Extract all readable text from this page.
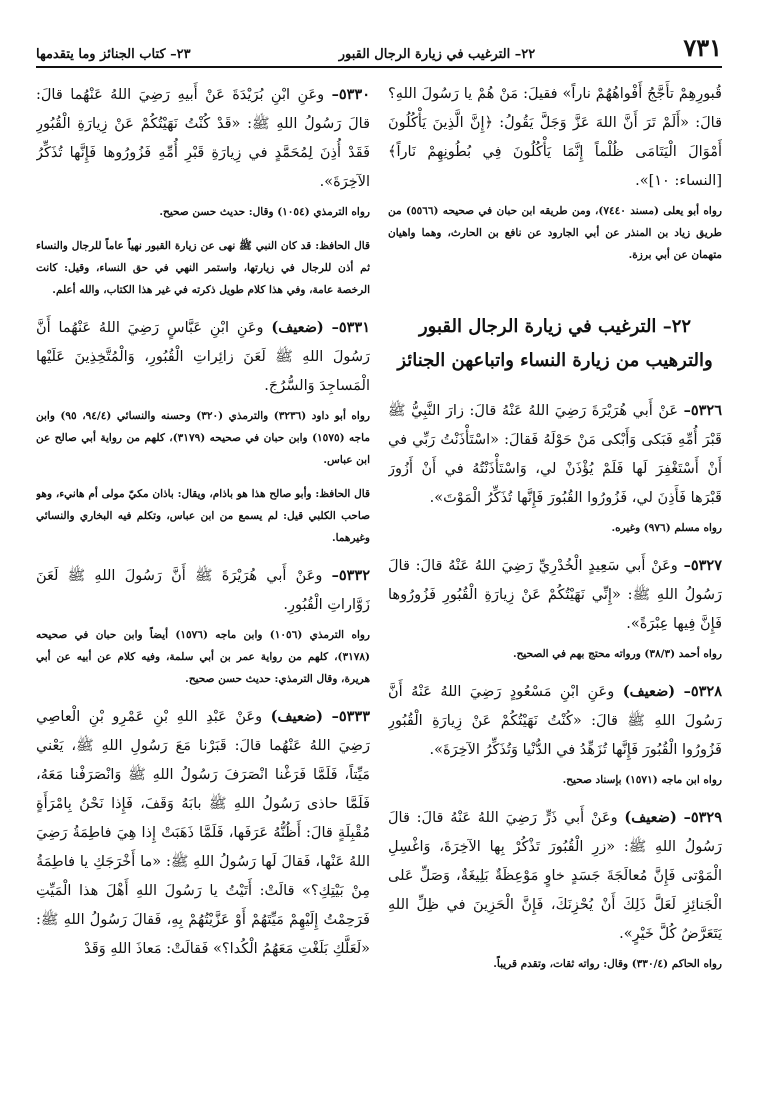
٧٣١
٢٢– الترغيب في زيارة الرجال القبور
٢٣– كتاب الجنائز وما يتقدمها

قُبورِهِمْ تأَجَّجُ أَفْواهُهُمْ ناراً» فقيلَ: مَنْ هُمْ يا رَسُولَ اللهِ؟ قالَ: «أَلَمْ تَرَ أَنَّ اللهَ عَزَّ وَجَلَّ يَقُولُ: ﴿إِنَّ الَّذِينَ يَأْكُلُونَ أَمْوَالَ الْيَتَامَى ظُلْماً إِنَّمَا يَأْكُلُونَ فِي بُطُونِهِمْ نَاراً﴾ [النساء: ١٠]».

رواه أبو يعلى (مسند ٧٤٤٠)، ومن طريقه ابن حبان في صحيحه (٥٥٦٦) من طريق زياد بن المنذر عن أبي الجارود عن نافع بن الحارث، وهما واهيان متهمان عن أبي برزة.

٢٢– الترغيب في زيارة الرجال القبور
والترهيب من زيارة النساء واتباعهن الجنائز

٥٣٢٦– عَنْ أَبي هُرَيْرَةَ رَضِيَ اللهُ عَنْهُ قالَ: زارَ النَّبِيُّ ﷺ قَبْرَ أُمِّهِ فَبَكى وَأَبْكى مَنْ حَوْلَهُ فَقالَ: «اسْتَأْذَنْتُ رَبِّي في أَنْ أَسْتَغْفِرَ لَها فَلَمْ يُؤْذَنْ لي، وَاسْتَأْذَنْتُهُ في أَنْ أَزُورَ قَبْرَها فَأَذِنَ لي، فَزُورُوا القُبُورَ فَإِنَّها تُذَكِّرُ الْمَوْتَ».

رواه مسلم (٩٧٦) وغيره.

٥٣٢٧– وعَنْ أَبي سَعِيدٍ الْخُدْرِيِّ رَضِيَ اللهُ عَنْهُ قالَ: قالَ رَسُولُ اللهِ ﷺ: «إِنِّي نَهَيْتُكُمْ عَنْ زِيارَةِ الْقُبُورِ فَزُورُوها فَإِنَّ فِيها عِبْرَةً».

رواه أحمد (٣٨/٣) ورواته محتج بهم في الصحيح.

٥٣٢٨– (ضعيف) وعَنِ ابْنِ مَسْعُودٍ رَضِيَ اللهُ عَنْهُ أَنَّ رَسُولَ اللهِ ﷺ قالَ: «كُنْتُ نَهَيْتُكُمْ عَنْ زِيارَةِ الْقُبُورِ فَزُورُوا الْقُبُورَ فَإِنَّها تُزَهِّدُ في الدُّنْيا وَتُذَكِّرُ الآخِرَةَ».

رواه ابن ماجه (١٥٧١) بإسناد صحيح.

٥٣٢٩– (ضعيف) وعَنْ أَبي ذَرٍّ رَضِيَ اللهُ عَنْهُ قالَ: قالَ رَسُولُ اللهِ ﷺ: «زرِ الْقُبُورَ تَذْكُرْ بِها الآخِرَةَ، وَاغْسِلِ الْمَوْتى فَإِنَّ مُعالَجَةَ جَسَدٍ خاوٍ مَوْعِظَةٌ بَلِيغَةٌ، وَصَلِّ عَلى الْجَنائِزِ لَعَلَّ ذَلِكَ أَنْ يُحْزِنَكَ، فَإِنَّ الْحَزِينَ في ظِلِّ اللهِ يَتَعَرَّضُ كُلَّ خَيْرٍ».

رواه الحاكم (٣٣٠/٤) وقال: رواته ثقات، وتقدم قريباً.

٥٣٣٠– وعَنِ ابْنِ بُرَيْدَةَ عَنْ أَبيهِ رَضِيَ اللهُ عَنْهُما قالَ: قالَ رَسُولُ اللهِ ﷺ: «قَدْ كُنْتُ نَهَيْتُكُمْ عَنْ زِيارَةِ الْقُبُورِ فَقَدْ أُذِنَ لِمُحَمَّدٍ في زِيارَةِ قَبْرِ أُمِّهِ فَزُورُوها فَإِنَّها تُذَكِّرُ الآخِرَةَ».

رواه الترمذي (١٠٥٤) وقال: حديث حسن صحيح.

قال الحافظ: قد كان النبي ﷺ نهى عن زيارة القبور نهياً عاماً للرجال والنساء ثم أذن للرجال في زيارتها، واستمر النهي في حق النساء، وقيل: كانت الرخصة عامة، وفي هذا كلام طويل ذكرته في غير هذا الكتاب، والله أعلم.

٥٣٣١– (ضعيف) وعَنِ ابْنِ عَبَّاسٍ رَضِيَ اللهُ عَنْهُما أَنَّ رَسُولَ اللهِ ﷺ لَعَنَ زائِراتِ الْقُبُورِ، وَالْمُتَّخِذِينَ عَلَيْها الْمَساجِدَ وَالسُّرُجَ.

رواه أبو داود (٣٢٣٦) والترمذي (٣٢٠) وحسنه والنسائي (٩٤/٤، ٩٥) وابن ماجه (١٥٧٥) وابن حبان في صحيحه (٣١٧٩)، كلهم من رواية أبي صالح عن ابن عباس.

قال الحافظ: وأبو صالح هذا هو باذام، ويقال: باذان مكيّ مولى أم هانيء، وهو صاحب الكلبي قيل: لم يسمع من ابن عباس، وتكلم فيه البخاري والنسائي وغيرهما.

٥٣٣٢– وعَنْ أَبي هُرَيْرَةَ ﷺ أَنَّ رَسُولَ اللهِ ﷺ لَعَنَ زَوَّاراتِ الْقُبُورِ.

رواه الترمذي (١٠٥٦) وابن ماجه (١٥٧٦) أيضاً وابن حبان في صحيحه (٣١٧٨)، كلهم من رواية عمر بن أبي سلمة، وفيه كلام عن أبيه عن أبي هريرة، وقال الترمذي: حديث حسن صحيح.

٥٣٣٣– (ضعيف) وعَنْ عَبْدِ اللهِ بْنِ عَمْرِو بْنِ الْعاصِي رَضِيَ اللهُ عَنْهُما قالَ: قَبَرْنا مَعَ رَسُولِ اللهِ ﷺ، يَعْني مَيِّتاً، فَلَمَّا فَرَغْنا انْصَرَفَ رَسُولُ اللهِ ﷺ وَانْصَرَفْنا مَعَهُ، فَلَمَّا حاذى رَسُولُ اللهِ ﷺ بابَهُ وَقَفَ، فَإِذا نَحْنُ بِامْرَأَةٍ مُقْبِلَةٍ قالَ: أَظُنُّهُ عَرَفَها، فَلَمَّا ذَهَبَتْ إِذا هِيَ فاطِمَةُ رَضِيَ اللهُ عَنْها، فَقالَ لَها رَسُولُ اللهِ ﷺ: «ما أَخْرَجَكِ يا فاطِمَةُ مِنْ بَيْتِكِ؟» قالَتْ: أَتَيْتُ يا رَسُولَ اللهِ أَهْلَ هذا الْمَيِّتِ فَرَحِمْتُ إِلَيْهِمْ مَيِّتَهُمْ أَوْ عَزَّيْتُهُمْ بِهِ، فَقالَ رَسُولُ اللهِ ﷺ: «لَعَلَّكِ بَلَغْتِ مَعَهُمُ الْكُدا؟» فَقالَتْ: مَعاذَ اللهِ وَقَدْ
